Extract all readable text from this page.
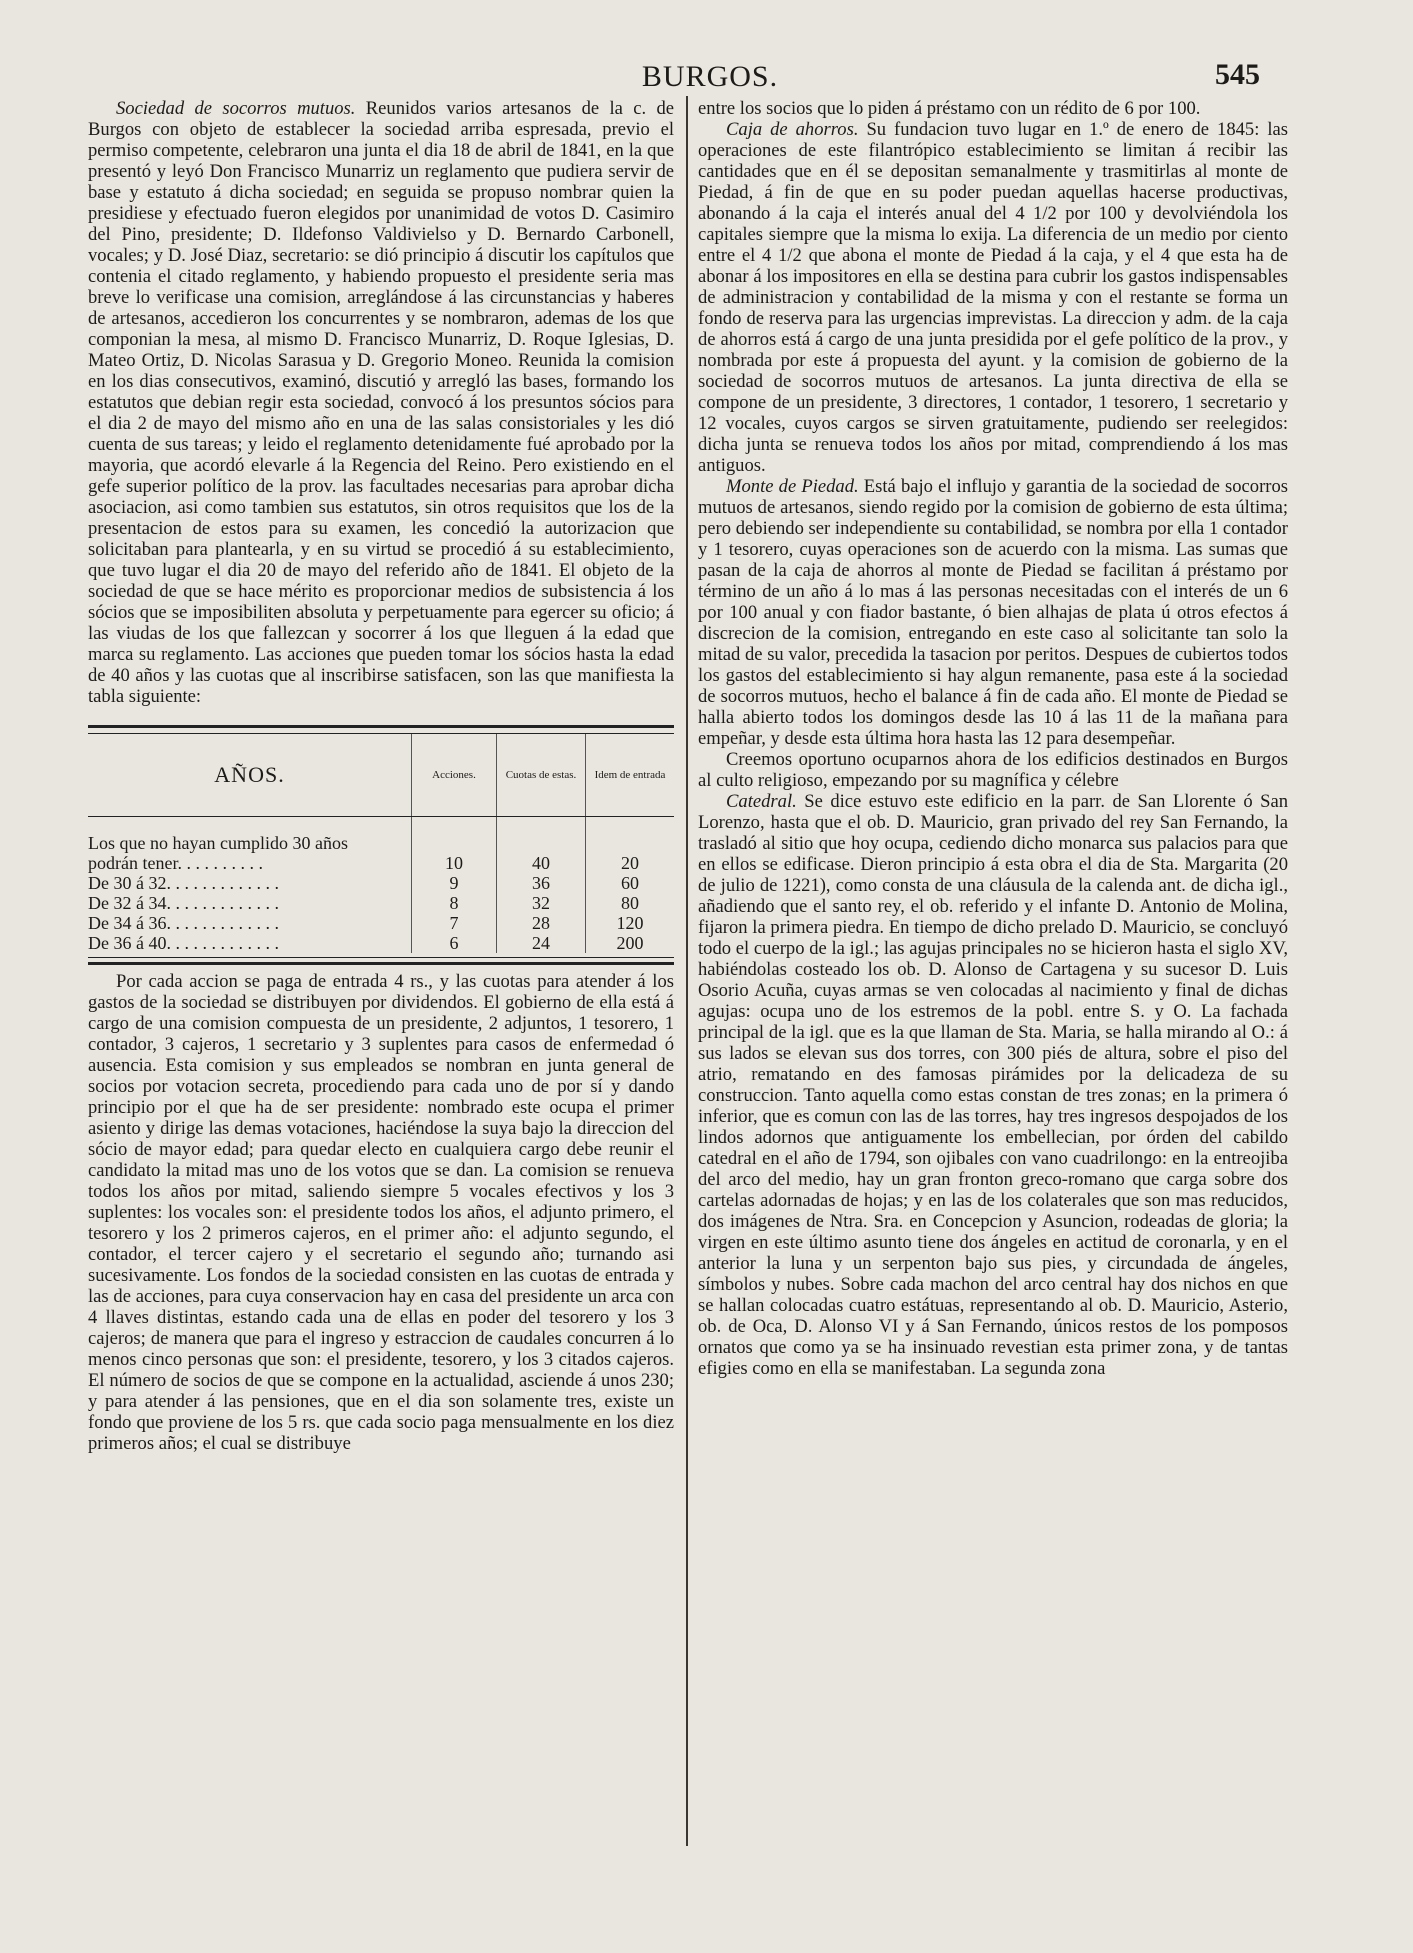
BURGOS.	545

Sociedad de socorros mutuos. Reunidos varios artesanos de la c. de Burgos con objeto de establecer la sociedad arriba espresada, previo el permiso competente, celebraron una junta el dia 18 de abril de 1841, en la que presentó y leyó Don Francisco Munarriz un reglamento que pudiera servir de base y estatuto á dicha sociedad; en seguida se propuso nombrar quien la presidiese y efectuado fueron elegidos por unanimidad de votos D. Casimiro del Pino, presidente; D. Ildefonso Valdivielso y D. Bernardo Carbonell, vocales; y D. José Diaz, secretario: se dió principio á discutir los capítulos que contenia el citado reglamento, y habiendo propuesto el presidente seria mas breve lo verificase una comision, arreglándose á las circunstancias y haberes de artesanos, accedieron los concurrentes y se nombraron, ademas de los que componian la mesa, al mismo D. Francisco Munarriz, D. Roque Iglesias, D. Mateo Ortiz, D. Nicolas Sarasua y D. Gregorio Moneo. Reunida la comision en los dias consecutivos, examinó, discutió y arregló las bases, formando los estatutos que debian regir esta sociedad, convocó á los presuntos sócios para el dia 2 de mayo del mismo año en una de las salas consistoriales y les dió cuenta de sus tareas; y leido el reglamento detenidamente fué aprobado por la mayoria, que acordó elevarle á la Regencia del Reino. Pero existiendo en el gefe superior político de la prov. las facultades necesarias para aprobar dicha asociacion, asi como tambien sus estatutos, sin otros requisitos que los de la presentacion de estos para su examen, les concedió la autorizacion que solicitaban para plantearla, y en su virtud se procedió á su establecimiento, que tuvo lugar el dia 20 de mayo del referido año de 1841. El objeto de la sociedad de que se hace mérito es proporcionar medios de subsistencia á los sócios que se imposibiliten absoluta y perpetuamente para egercer su oficio; á las viudas de los que fallezcan y socorrer á los que lleguen á la edad que marca su reglamento. Las acciones que pueden tomar los sócios hasta la edad de 40 años y las cuotas que al inscribirse satisfacen, son las que manifiesta la tabla siguiente:

AÑOS.	Acciones.	Cuotas de estas.	Idem de entrada
Los que no hayan cumplido 30 años			
podrán tener. . . . . . . . . .	10	40	20
De 30 á 32. . . . . . . . . . . . .	9	36	60
De 32 á 34. . . . . . . . . . . . .	8	32	80
De 34 á 36. . . . . . . . . . . . .	7	28	120
De 36 á 40. . . . . . . . . . . . .	6	24	200

Por cada accion se paga de entrada 4 rs., y las cuotas para atender á los gastos de la sociedad se distribuyen por dividendos. El gobierno de ella está á cargo de una comision compuesta de un presidente, 2 adjuntos, 1 tesorero, 1 contador, 3 cajeros, 1 secretario y 3 suplentes para casos de enfermedad ó ausencia. Esta comision y sus empleados se nombran en junta general de socios por votacion secreta, procediendo para cada uno de por sí y dando principio por el que ha de ser presidente: nombrado este ocupa el primer asiento y dirige las demas votaciones, haciéndose la suya bajo la direccion del sócio de mayor edad; para quedar electo en cualquiera cargo debe reunir el candidato la mitad mas uno de los votos que se dan. La comision se renueva todos los años por mitad, saliendo siempre 5 vocales efectivos y los 3 suplentes: los vocales son: el presidente todos los años, el adjunto primero, el tesorero y los 2 primeros cajeros, en el primer año: el adjunto segundo, el contador, el tercer cajero y el secretario el segundo año; turnando asi sucesivamente. Los fondos de la sociedad consisten en las cuotas de entrada y las de acciones, para cuya conservacion hay en casa del presidente un arca con 4 llaves distintas, estando cada una de ellas en poder del tesorero y los 3 cajeros; de manera que para el ingreso y estraccion de caudales concurren á lo menos cinco personas que son: el presidente, tesorero, y los 3 citados cajeros. El número de socios de que se compone en la actualidad, asciende á unos 230; y para atender á las pensiones, que en el dia son solamente tres, existe un fondo que proviene de los 5 rs. que cada socio paga mensualmente en los diez primeros años; el cual se distribuye

entre los socios que lo piden á préstamo con un rédito de 6 por 100.

Caja de ahorros. Su fundacion tuvo lugar en 1.º de enero de 1845: las operaciones de este filantrópico establecimiento se limitan á recibir las cantidades que en él se depositan semanalmente y trasmitirlas al monte de Piedad, á fin de que en su poder puedan aquellas hacerse productivas, abonando á la caja el interés anual del 4 1/2 por 100 y devolviéndola los capitales siempre que la misma lo exija. La diferencia de un medio por ciento entre el 4 1/2 que abona el monte de Piedad á la caja, y el 4 que esta ha de abonar á los impositores en ella se destina para cubrir los gastos indispensables de administracion y contabilidad de la misma y con el restante se forma un fondo de reserva para las urgencias imprevistas. La direccion y adm. de la caja de ahorros está á cargo de una junta presidida por el gefe político de la prov., y nombrada por este á propuesta del ayunt. y la comision de gobierno de la sociedad de socorros mutuos de artesanos. La junta directiva de ella se compone de un presidente, 3 directores, 1 contador, 1 tesorero, 1 secretario y 12 vocales, cuyos cargos se sirven gratuitamente, pudiendo ser reelegidos: dicha junta se renueva todos los años por mitad, comprendiendo á los mas antiguos.

Monte de Piedad. Está bajo el influjo y garantia de la sociedad de socorros mutuos de artesanos, siendo regido por la comision de gobierno de esta última; pero debiendo ser independiente su contabilidad, se nombra por ella 1 contador y 1 tesorero, cuyas operaciones son de acuerdo con la misma. Las sumas que pasan de la caja de ahorros al monte de Piedad se facilitan á préstamo por término de un año á lo mas á las personas necesitadas con el interés de un 6 por 100 anual y con fiador bastante, ó bien alhajas de plata ú otros efectos á discrecion de la comision, entregando en este caso al solicitante tan solo la mitad de su valor, precedida la tasacion por peritos. Despues de cubiertos todos los gastos del establecimiento si hay algun remanente, pasa este á la sociedad de socorros mutuos, hecho el balance á fin de cada año. El monte de Piedad se halla abierto todos los domingos desde las 10 á las 11 de la mañana para empeñar, y desde esta última hora hasta las 12 para desempeñar.

Creemos oportuno ocuparnos ahora de los edificios destinados en Burgos al culto religioso, empezando por su magnífica y célebre

Catedral. Se dice estuvo este edificio en la parr. de San Llorente ó San Lorenzo, hasta que el ob. D. Mauricio, gran privado del rey San Fernando, la trasladó al sitio que hoy ocupa, cediendo dicho monarca sus palacios para que en ellos se edificase. Dieron principio á esta obra el dia de Sta. Margarita (20 de julio de 1221), como consta de una cláusula de la calenda ant. de dicha igl., añadiendo que el santo rey, el ob. referido y el infante D. Antonio de Molina, fijaron la primera piedra. En tiempo de dicho prelado D. Mauricio, se concluyó todo el cuerpo de la igl.; las agujas principales no se hicieron hasta el siglo XV, habiéndolas costeado los ob. D. Alonso de Cartagena y su sucesor D. Luis Osorio Acuña, cuyas armas se ven colocadas al nacimiento y final de dichas agujas: ocupa uno de los estremos de la pobl. entre S. y O. La fachada principal de la igl. que es la que llaman de Sta. Maria, se halla mirando al O.: á sus lados se elevan sus dos torres, con 300 piés de altura, sobre el piso del atrio, rematando en des famosas pirámides por la delicadeza de su construccion. Tanto aquella como estas constan de tres zonas; en la primera ó inferior, que es comun con las de las torres, hay tres ingresos despojados de los lindos adornos que antiguamente los embellecian, por órden del cabildo catedral en el año de 1794, son ojibales con vano cuadrilongo: en la entreojiba del arco del medio, hay un gran fronton greco-romano que carga sobre dos cartelas adornadas de hojas; y en las de los colaterales que son mas reducidos, dos imágenes de Ntra. Sra. en Concepcion y Asuncion, rodeadas de gloria; la virgen en este último asunto tiene dos ángeles en actitud de coronarla, y en el anterior la luna y un serpenton bajo sus pies, y circundada de ángeles, símbolos y nubes. Sobre cada machon del arco central hay dos nichos en que se hallan colocadas cuatro estátuas, representando al ob. D. Mauricio, Asterio, ob. de Oca, D. Alonso VI y á San Fernando, únicos restos de los pomposos ornatos que como ya se ha insinuado revestian esta primer zona, y de tantas efigies como en ella se manifestaban. La segunda zona
